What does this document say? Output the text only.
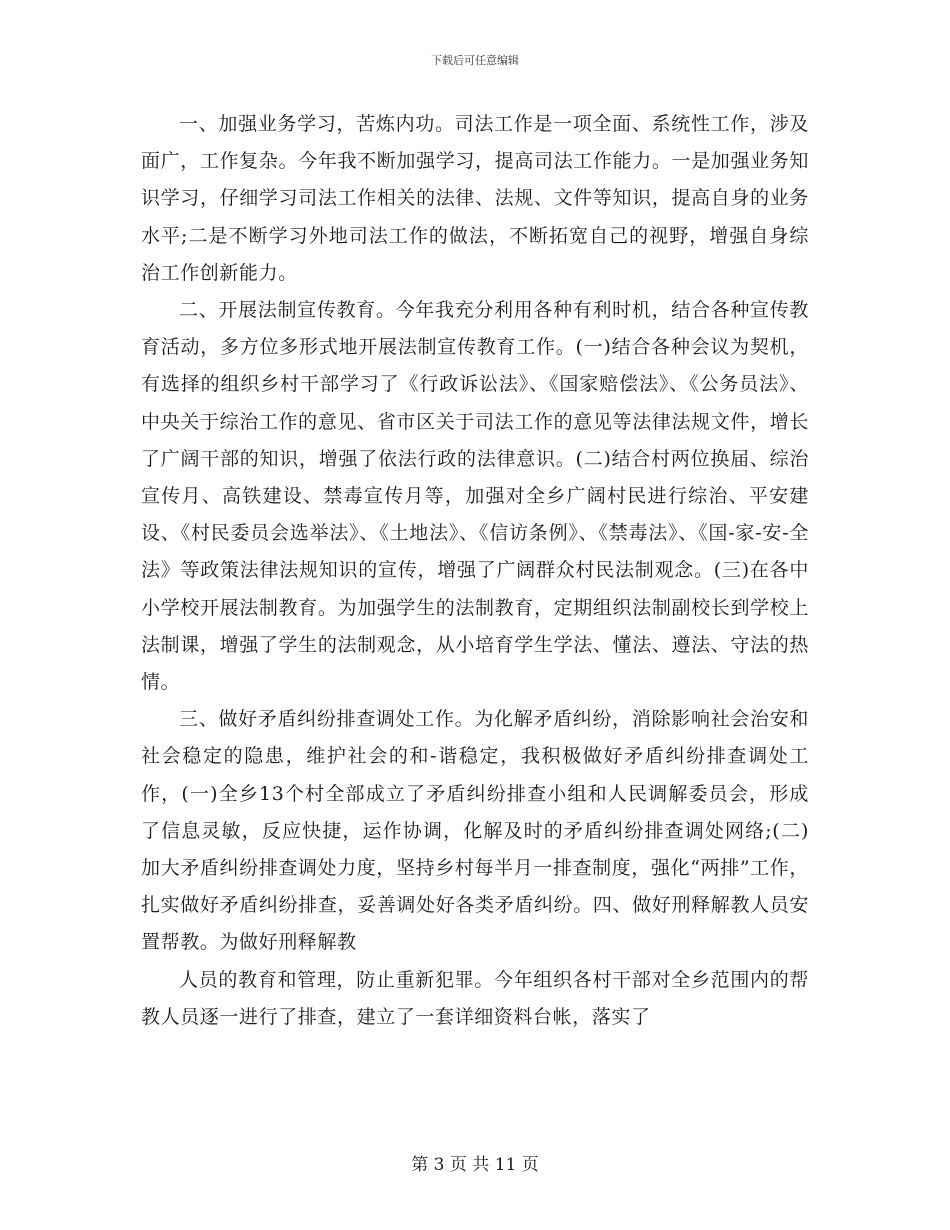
下载后可任意编辑

一、加强业务学习，苦炼内功。司法工作是一项全面、系统性工作，涉及面广，工作复杂。今年我不断加强学习，提高司法工作能力。一是加强业务知识学习，仔细学习司法工作相关的法律、法规、文件等知识，提高自身的业务水平;二是不断学习外地司法工作的做法，不断拓宽自己的视野，增强自身综治工作创新能力。

二、开展法制宣传教育。今年我充分利用各种有利时机，结合各种宣传教育活动，多方位多形式地开展法制宣传教育工作。(一)结合各种会议为契机，有选择的组织乡村干部学习了《行政诉讼法》、《国家赔偿法》、《公务员法》、中央关于综治工作的意见、省市区关于司法工作的意见等法律法规文件，增长了广阔干部的知识，增强了依法行政的法律意识。(二)结合村两位换届、综治宣传月、高铁建设、禁毒宣传月等，加强对全乡广阔村民进行综治、平安建设、《村民委员会选举法》、《土地法》、《信访条例》、《禁毒法》、《国-家-安-全法》等政策法律法规知识的宣传，增强了广阔群众村民法制观念。(三)在各中小学校开展法制教育。为加强学生的法制教育，定期组织法制副校长到学校上法制课，增强了学生的法制观念，从小培育学生学法、懂法、遵法、守法的热情。

三、做好矛盾纠纷排查调处工作。为化解矛盾纠纷，消除影响社会治安和社会稳定的隐患，维护社会的和-谐稳定，我积极做好矛盾纠纷排查调处工作，(一)全乡13个村全部成立了矛盾纠纷排查小组和人民调解委员会，形成了信息灵敏，反应快捷，运作协调，化解及时的矛盾纠纷排查调处网络;(二)加大矛盾纠纷排查调处力度，坚持乡村每半月一排查制度，强化“两排”工作，扎实做好矛盾纠纷排查，妥善调处好各类矛盾纠纷。四、做好刑释解教人员安置帮教。为做好刑释解教

人员的教育和管理，防止重新犯罪。今年组织各村干部对全乡范围内的帮教人员逐一进行了排查，建立了一套详细资料台帐，落实了

第 3 页 共 11 页
